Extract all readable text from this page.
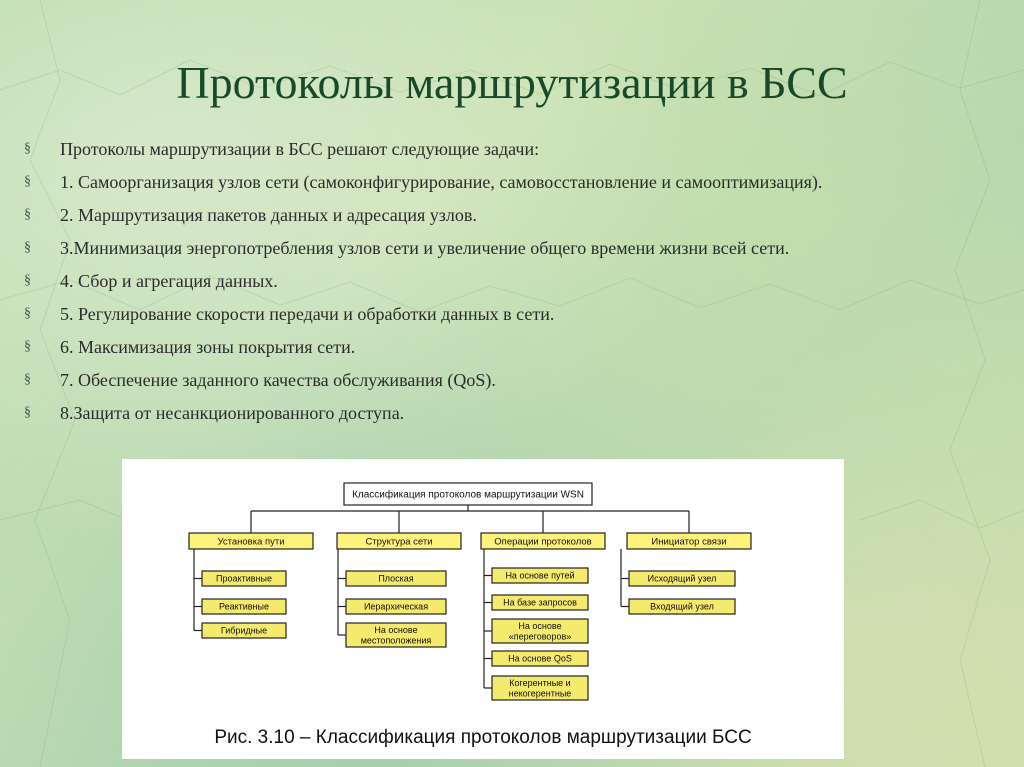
Протоколы маршрутизации в БСС
§ Протоколы маршрутизации в БСС решают следующие задачи:
§ 1. Самоорганизация узлов сети (самоконфигурирование, самовосстановление и самооптимизация).
§ 2. Маршрутизация пакетов данных и адресация узлов.
§ 3.Минимизация энергопотребления узлов сети и увеличение общего времени жизни всей сети.
§ 4. Сбор и агрегация данных.
§ 5. Регулирование скорости передачи и обработки данных в сети.
§ 6. Максимизация зоны покрытия сети.
§ 7. Обеспечение заданного качества обслуживания (QoS).
§ 8.Защита от несанкционированного доступа.
Классификация протоколов маршрутизации WSN
Установка пути
Проактивные
Реактивные
Гибридные
Структура сети
Плоская
Иерархическая
На основе местоположения
Операции протоколов
На основе путей
На базе запросов
На основе «переговоров»
На основе QoS
Когерентные и некогерентные
Инициатор связи
Исходящий узел
Входящий узел
Рис. 3.10 – Классификация протоколов маршрутизации БСС
